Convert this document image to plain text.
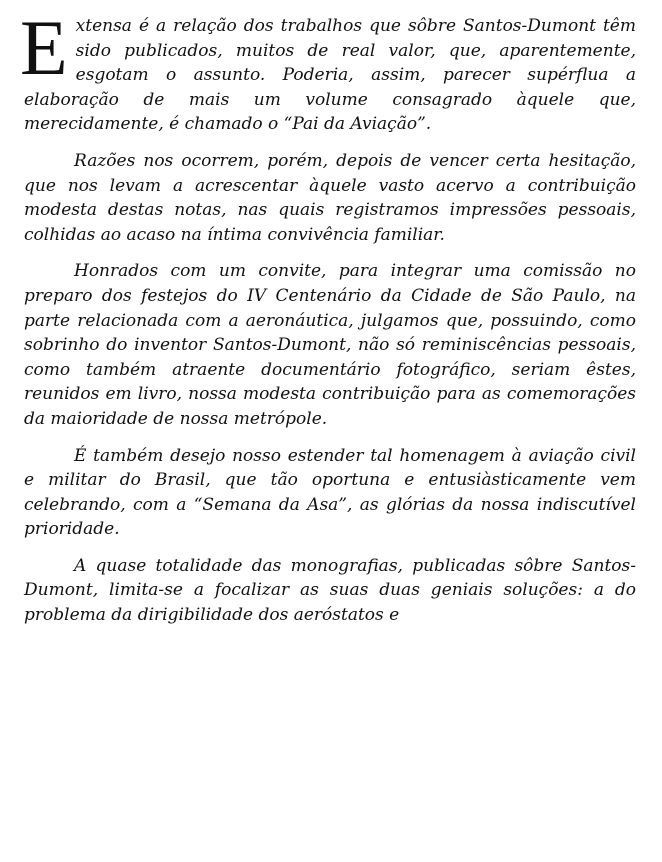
Extensa é a relação dos trabalhos que sôbre Santos-Dumont têm sido publicados, muitos de real valor, que, aparentemente, esgotam o assunto. Poderia, assim, parecer supérflua a elaboração de mais um volume consagrado àquele que, merecidamente, é chamado o “Pai da Aviação”.

Razões nos ocorrem, porém, depois de vencer certa hesitação, que nos levam a acrescentar àquele vasto acervo a contribuição modesta destas notas, nas quais registramos impressões pessoais, colhidas ao acaso na íntima convivência familiar.

Honrados com um convite, para integrar uma comissão no preparo dos festejos do IV Centenário da Cidade de São Paulo, na parte relacionada com a aeronáutica, julgamos que, possuindo, como sobrinho do inventor Santos-Dumont, não só reminiscências pessoais, como também atraente documentário fotográfico, seriam êstes, reunidos em livro, nossa modesta contribuição para as comemorações da maioridade de nossa metrópole.

É também desejo nosso estender tal homenagem à aviação civil e militar do Brasil, que tão oportuna e entusiàsticamente vem celebrando, com a “Semana da Asa”, as glórias da nossa indiscutível prioridade.

A quase totalidade das monografias, publicadas sôbre Santos-Dumont, limita-se a focalizar as suas duas geniais soluções: a do problema da dirigibilidade dos aeróstatos e
